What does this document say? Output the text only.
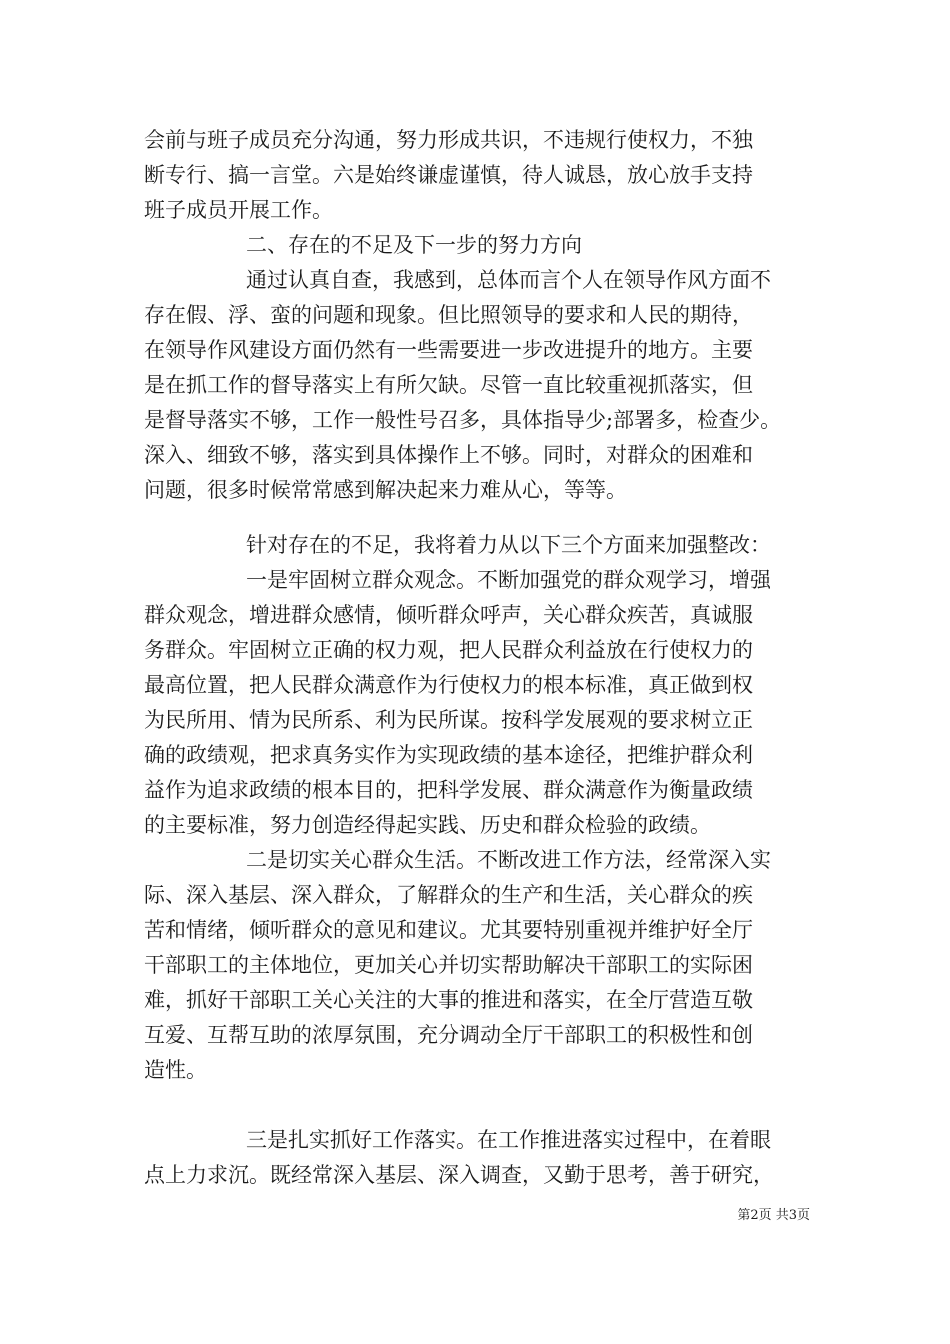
会前与班子成员充分沟通，努力形成共识，不违规行使权力，不独
断专行、搞一言堂。六是始终谦虚谨慎，待人诚恳，放心放手支持
班子成员开展工作。
二、存在的不足及下一步的努力方向
通过认真自查，我感到，总体而言个人在领导作风方面不
存在假、浮、蛮的问题和现象。但比照领导的要求和人民的期待，
在领导作风建设方面仍然有一些需要进一步改进提升的地方。主要
是在抓工作的督导落实上有所欠缺。尽管一直比较重视抓落实，但
是督导落实不够，工作一般性号召多，具体指导少;部署多，检查少。
深入、细致不够，落实到具体操作上不够。同时，对群众的困难和
问题，很多时候常常感到解决起来力难从心，等等。
针对存在的不足，我将着力从以下三个方面来加强整改：
一是牢固树立群众观念。不断加强党的群众观学习，增强
群众观念，增进群众感情，倾听群众呼声，关心群众疾苦，真诚服
务群众。牢固树立正确的权力观，把人民群众利益放在行使权力的
最高位置，把人民群众满意作为行使权力的根本标准，真正做到权
为民所用、情为民所系、利为民所谋。按科学发展观的要求树立正
确的政绩观，把求真务实作为实现政绩的基本途径，把维护群众利
益作为追求政绩的根本目的，把科学发展、群众满意作为衡量政绩
的主要标准，努力创造经得起实践、历史和群众检验的政绩。
二是切实关心群众生活。不断改进工作方法，经常深入实
际、深入基层、深入群众，了解群众的生产和生活，关心群众的疾
苦和情绪，倾听群众的意见和建议。尤其要特别重视并维护好全厅
干部职工的主体地位，更加关心并切实帮助解决干部职工的实际困
难，抓好干部职工关心关注的大事的推进和落实，在全厅营造互敬
互爱、互帮互助的浓厚氛围，充分调动全厅干部职工的积极性和创
造性。
三是扎实抓好工作落实。在工作推进落实过程中，在着眼
点上力求沉。既经常深入基层、深入调查，又勤于思考，善于研究，
第2页 共3页
